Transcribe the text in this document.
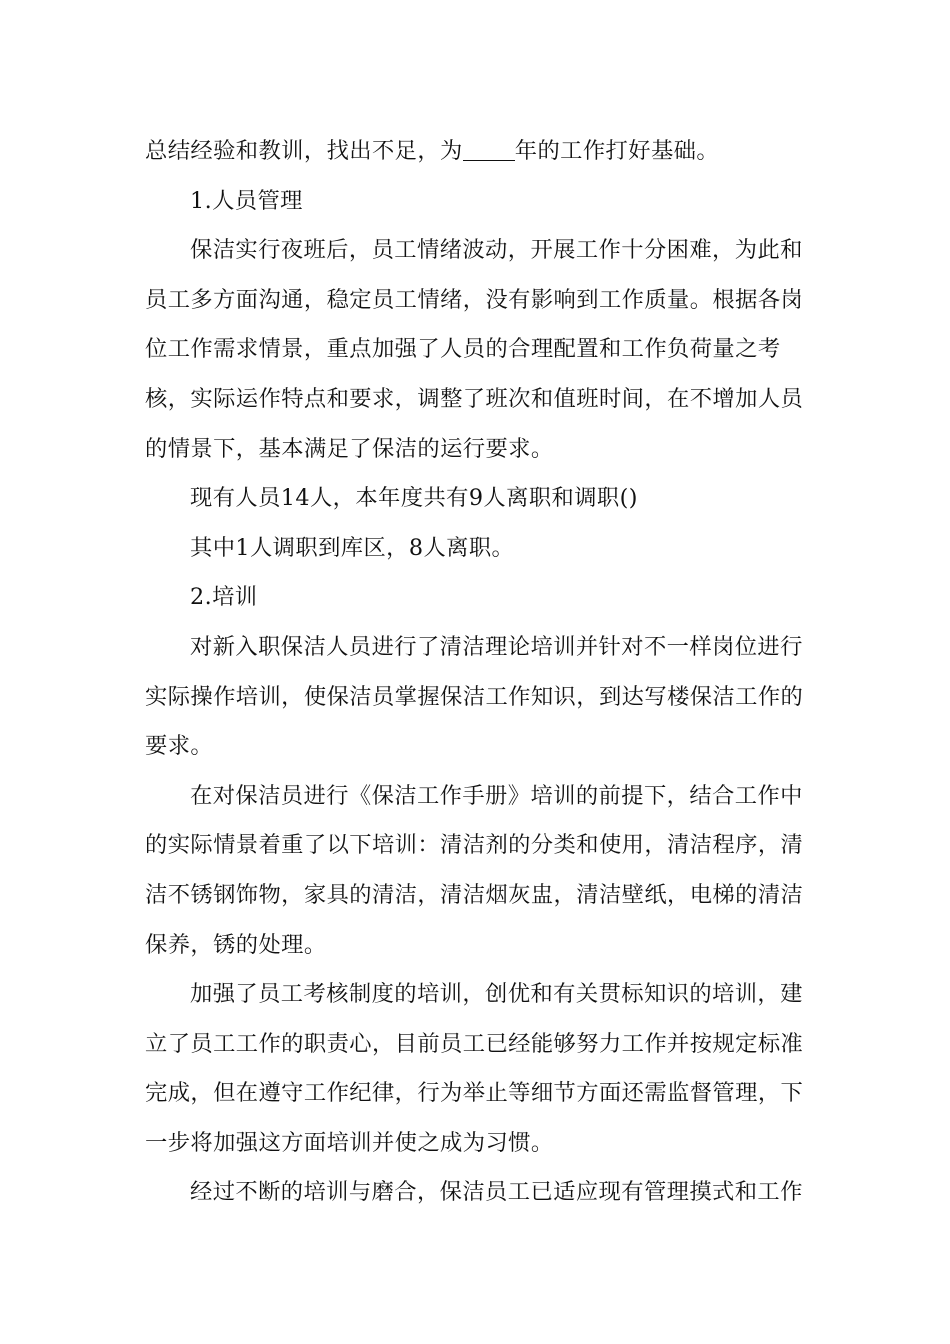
总结经验和教训，找出不足，为 年的工作打好基础。

1.人员管理

保洁实行夜班后，员工情绪波动，开展工作十分困难，为此和员工多方面沟通，稳定员工情绪，没有影响到工作质量。根据各岗位工作需求情景，重点加强了人员的合理配置和工作负荷量之考核，实际运作特点和要求，调整了班次和值班时间，在不增加人员的情景下，基本满足了保洁的运行要求。

现有人员14人，本年度共有9人离职和调职()

其中1人调职到库区，8人离职。

2.培训

对新入职保洁人员进行了清洁理论培训并针对不一样岗位进行实际操作培训，使保洁员掌握保洁工作知识，到达写楼保洁工作的要求。

在对保洁员进行《保洁工作手册》培训的前提下，结合工作中的实际情景着重了以下培训：清洁剂的分类和使用，清洁程序，清洁不锈钢饰物，家具的清洁，清洁烟灰盅，清洁壁纸，电梯的清洁保养，锈的处理。

加强了员工考核制度的培训，创优和有关贯标知识的培训，建立了员工工作的职责心，目前员工已经能够努力工作并按规定标准完成，但在遵守工作纪律，行为举止等细节方面还需监督管理，下一步将加强这方面培训并使之成为习惯。

经过不断的培训与磨合，保洁员工已适应现有管理摸式和工作
